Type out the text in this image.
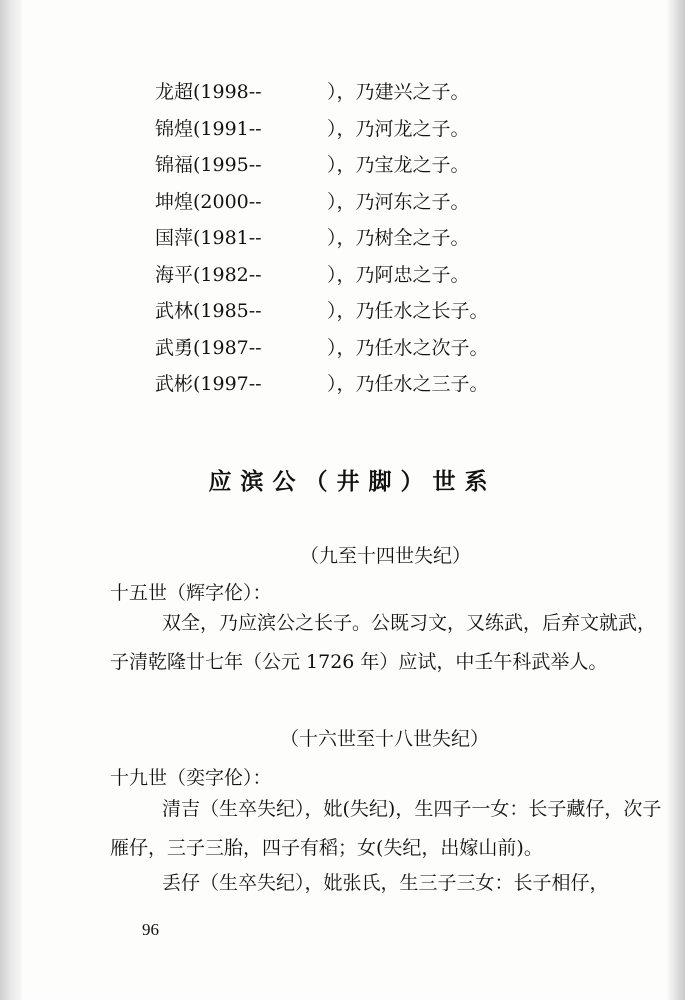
龙超(1998--	），乃建兴之子。
锦煌(1991--	），乃河龙之子。
锦福(1995--	），乃宝龙之子。
坤煌(2000--	），乃河东之子。
国萍(1981--	），乃树全之子。
海平(1982--	），乃阿忠之子。
武林(1985--	），乃任水之长子。
武勇(1987--	），乃任水之次子。
武彬(1997--	），乃任水之三子。
应滨公（井脚）世系
（九至十四世失纪）
十五世（辉字伦）：
双全，乃应滨公之长子。公既习文，又练武，后弃文就武，子清乾隆廿七年（公元 1726 年）应试，中壬午科武举人。
（十六世至十八世失纪）
十九世（奕字伦）：
清吉（生卒失纪），妣(失纪)，生四子一女：长子藏仔，次子雁仔，三子三胎，四子有稻；女(失纪，出嫁山前)。
丢仔（生卒失纪），妣张氏，生三子三女：长子相仔，
96
